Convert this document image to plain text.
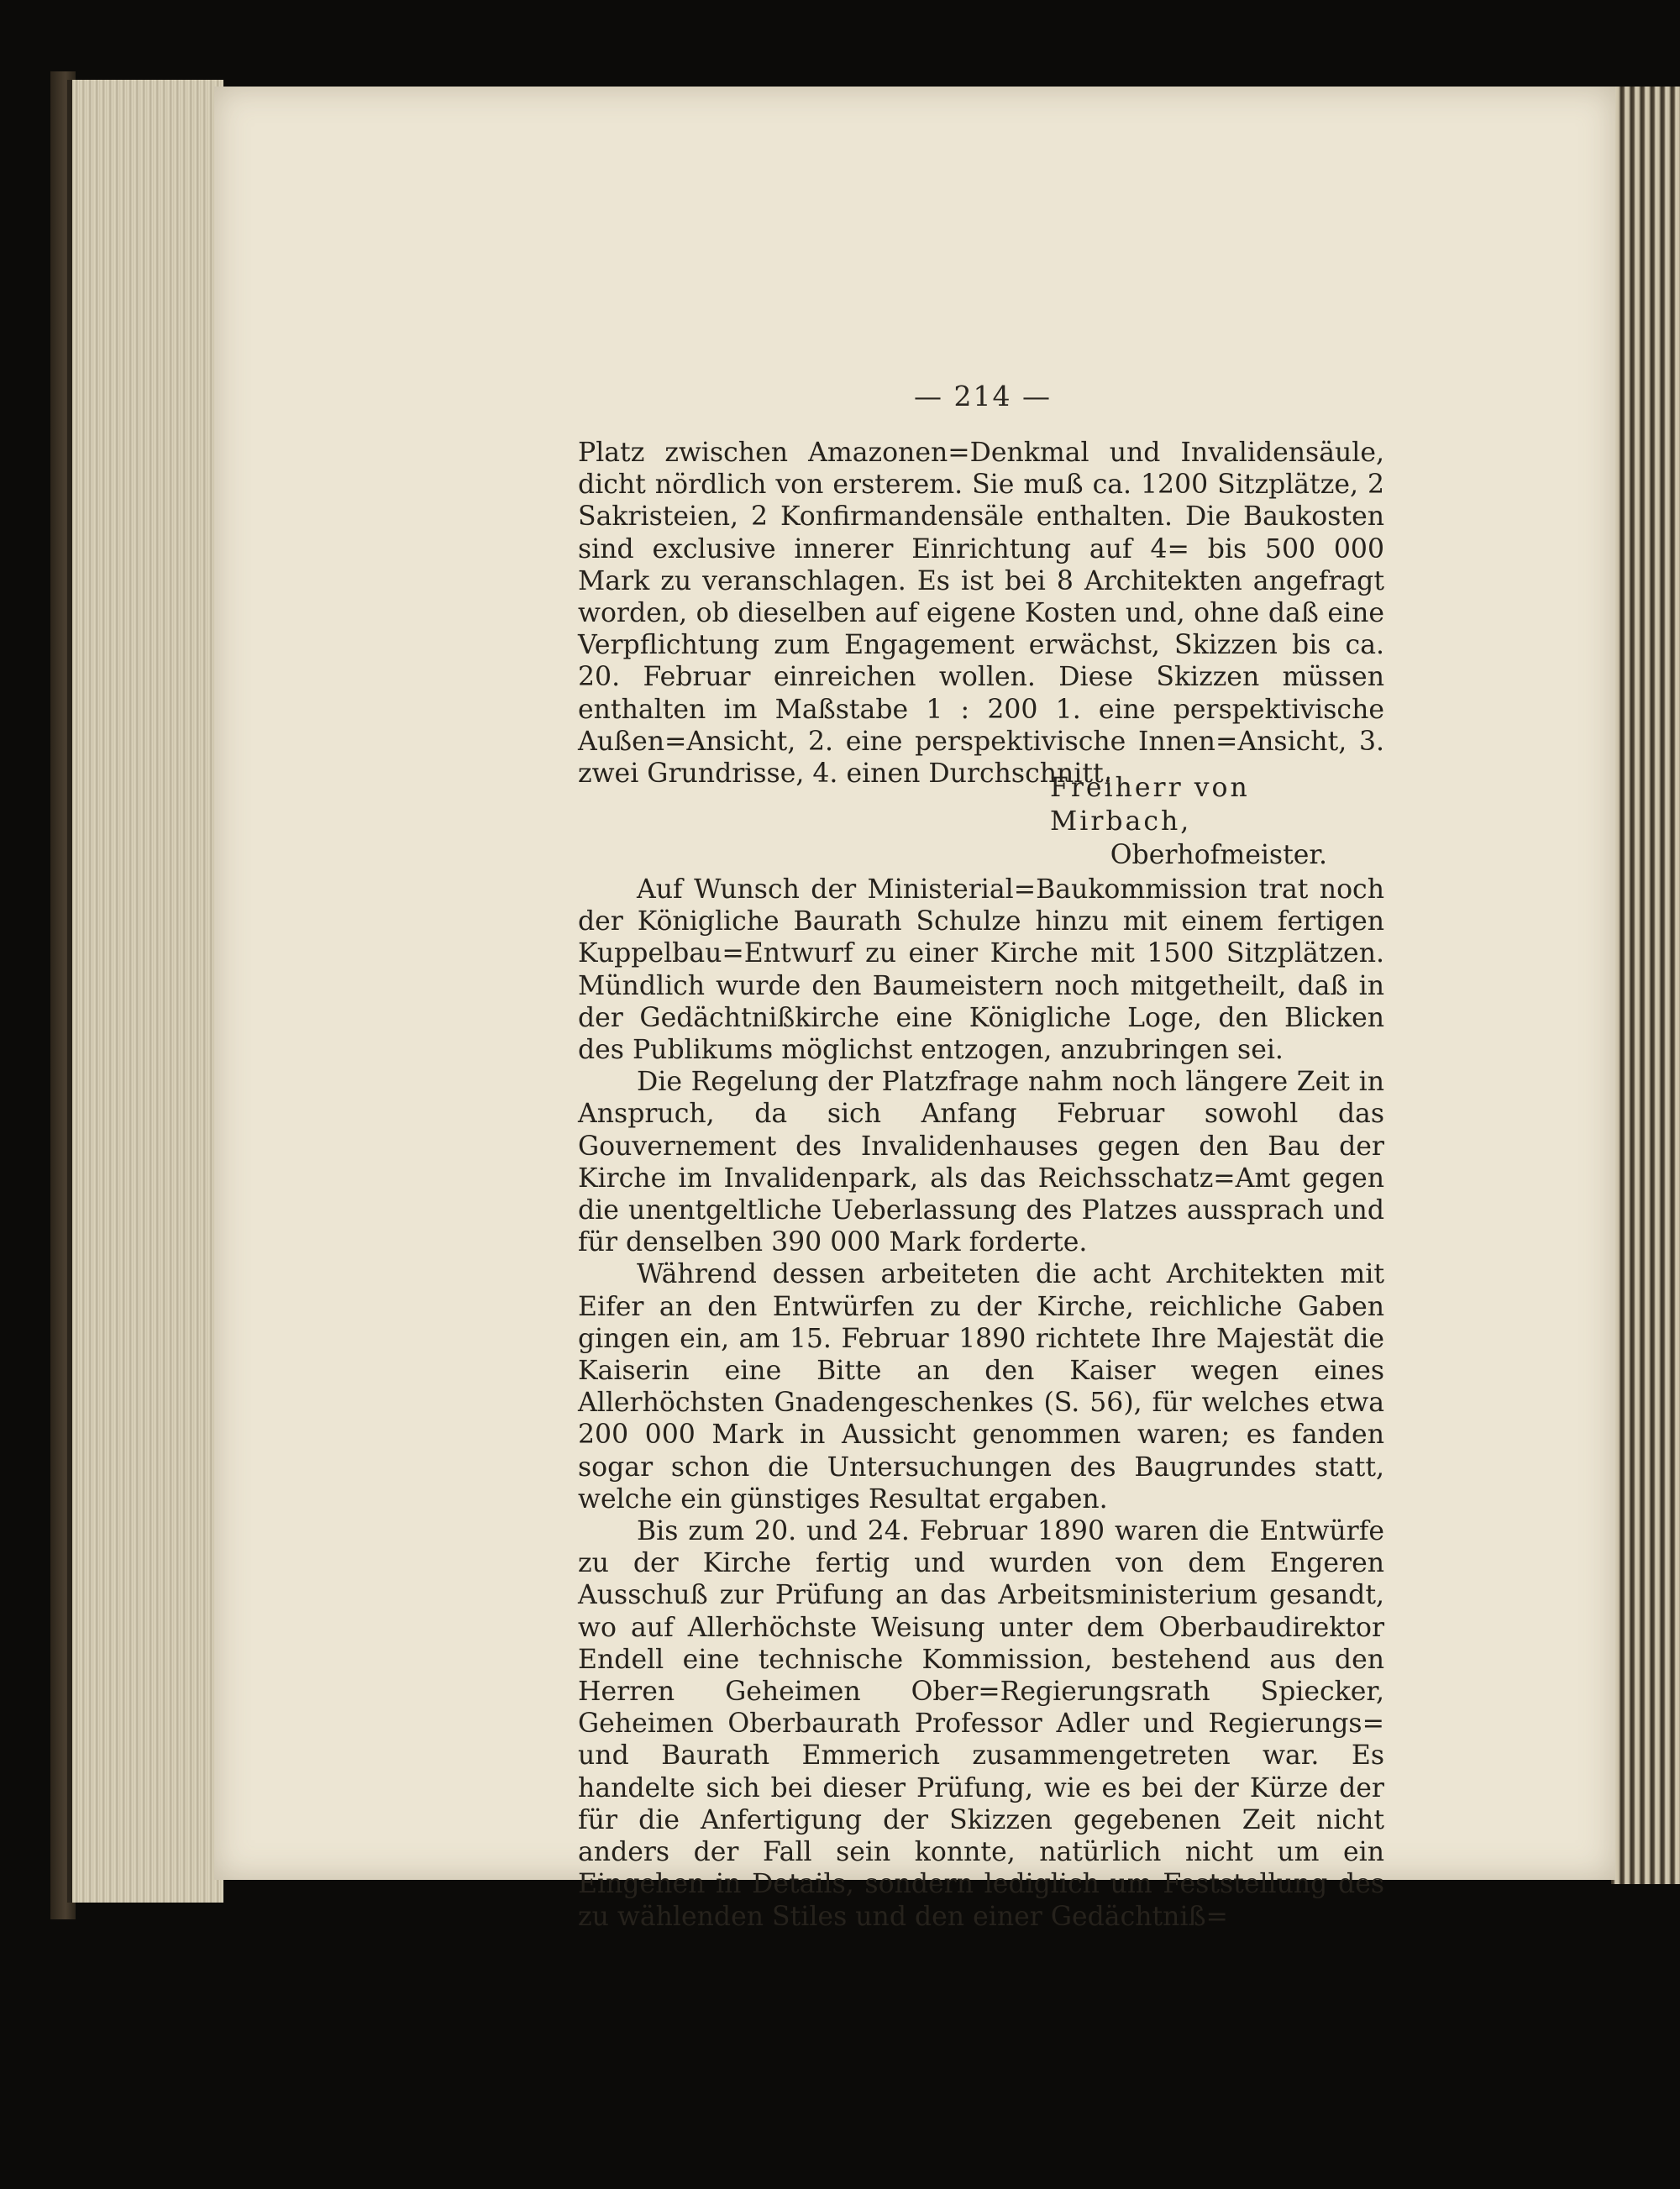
— 214 —

Platz zwischen Amazonen=Denkmal und Invalidensäule, dicht nördlich von ersterem. Sie muß ca. 1200 Sitzplätze, 2 Sakristeien, 2 Konfirmandensäle enthalten. Die Baukosten sind exclusive innerer Einrichtung auf 4= bis 500 000 Mark zu veranschlagen. Es ist bei 8 Architekten angefragt worden, ob dieselben auf eigene Kosten und, ohne daß eine Verpflichtung zum Engagement erwächst, Skizzen bis ca. 20. Februar einreichen wollen. Diese Skizzen müssen enthalten im Maßstabe 1 : 200 1. eine perspektivische Außen=Ansicht, 2. eine perspektivische Innen=Ansicht, 3. zwei Grundrisse, 4. einen Durchschnitt.

Freiherr von Mirbach,
Oberhofmeister.

Auf Wunsch der Ministerial=Baukommission trat noch der Königliche Baurath Schulze hinzu mit einem fertigen Kuppelbau=Entwurf zu einer Kirche mit 1500 Sitzplätzen. Mündlich wurde den Baumeistern noch mitgetheilt, daß in der Gedächtnißkirche eine Königliche Loge, den Blicken des Publikums möglichst entzogen, anzubringen sei.

Die Regelung der Platzfrage nahm noch längere Zeit in Anspruch, da sich Anfang Februar sowohl das Gouvernement des Invalidenhauses gegen den Bau der Kirche im Invalidenpark, als das Reichsschatz=Amt gegen die unentgeltliche Ueberlassung des Platzes aussprach und für denselben 390 000 Mark forderte.

Während dessen arbeiteten die acht Architekten mit Eifer an den Entwürfen zu der Kirche, reichliche Gaben gingen ein, am 15. Februar 1890 richtete Ihre Majestät die Kaiserin eine Bitte an den Kaiser wegen eines Allerhöchsten Gnadengeschenkes (S. 56), für welches etwa 200 000 Mark in Aussicht genommen waren; es fanden sogar schon die Untersuchungen des Baugrundes statt, welche ein günstiges Resultat ergaben.

Bis zum 20. und 24. Februar 1890 waren die Entwürfe zu der Kirche fertig und wurden von dem Engeren Ausschuß zur Prüfung an das Arbeitsministerium gesandt, wo auf Allerhöchste Weisung unter dem Oberbaudirektor Endell eine technische Kommission, bestehend aus den Herren Geheimen Ober=Regierungsrath Spiecker, Geheimen Oberbaurath Professor Adler und Regierungs= und Baurath Emmerich zusammengetreten war. Es handelte sich bei dieser Prüfung, wie es bei der Kürze der für die Anfertigung der Skizzen gegebenen Zeit nicht anders der Fall sein konnte, natürlich nicht um ein Eingehen in Details, sondern lediglich um Feststellung des zu wählenden Stiles und den einer Gedächtniß=
